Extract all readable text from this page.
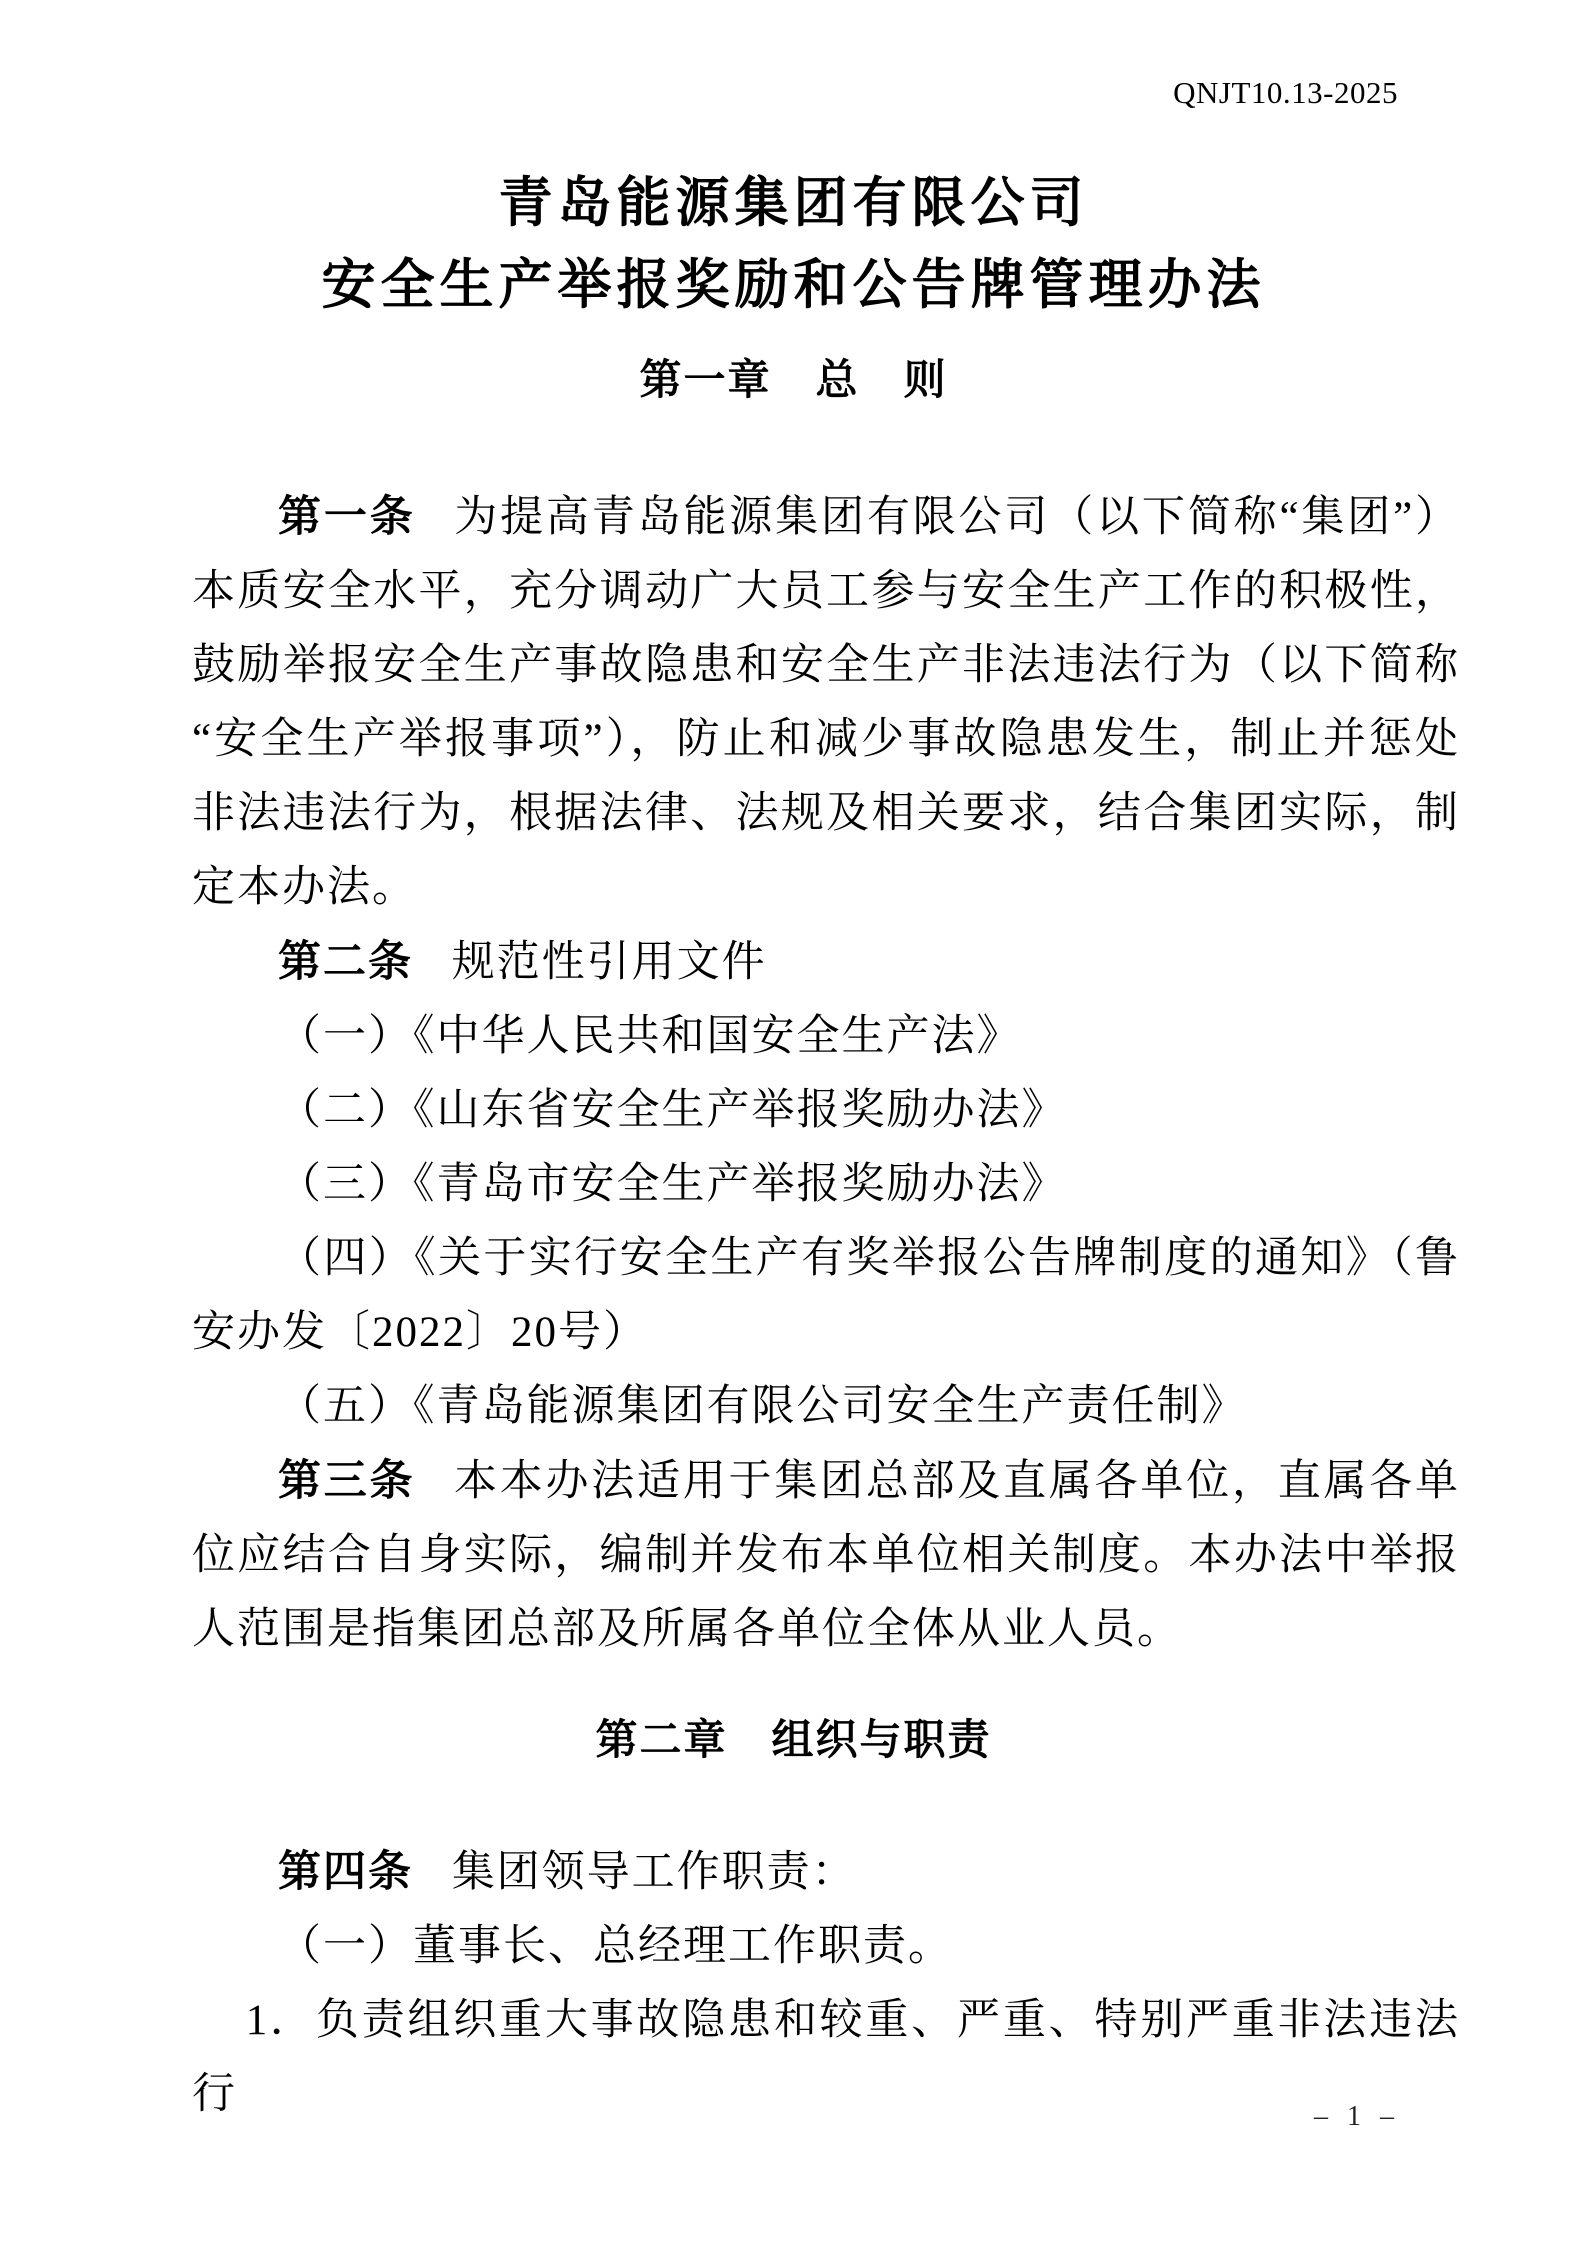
QNJT10.13-2025
青岛能源集团有限公司
安全生产举报奖励和公告牌管理办法
第一章　总　则

第一条 为提高青岛能源集团有限公司（以下简称“集团”）本质安全水平，充分调动广大员工参与安全生产工作的积极性，鼓励举报安全生产事故隐患和安全生产非法违法行为（以下简称“安全生产举报事项”），防止和减少事故隐患发生，制止并惩处非法违法行为，根据法律、法规及相关要求，结合集团实际，制定本办法。

第二条 规范性引用文件

（一）《中华人民共和国安全生产法》

（二）《山东省安全生产举报奖励办法》

（三）《青岛市安全生产举报奖励办法》

（四）《关于实行安全生产有奖举报公告牌制度的通知》（鲁安办发〔2022〕20号）

（五）《青岛能源集团有限公司安全生产责任制》

第三条 本本办法适用于集团总部及直属各单位，直属各单位应结合自身实际，编制并发布本单位相关制度。本办法中举报人范围是指集团总部及所属各单位全体从业人员。

第二章　组织与职责

第四条 集团领导工作职责：

（一）董事长、总经理工作职责。

1．负责组织重大事故隐患和较重、严重、特别严重非法违法行	– 1 –
